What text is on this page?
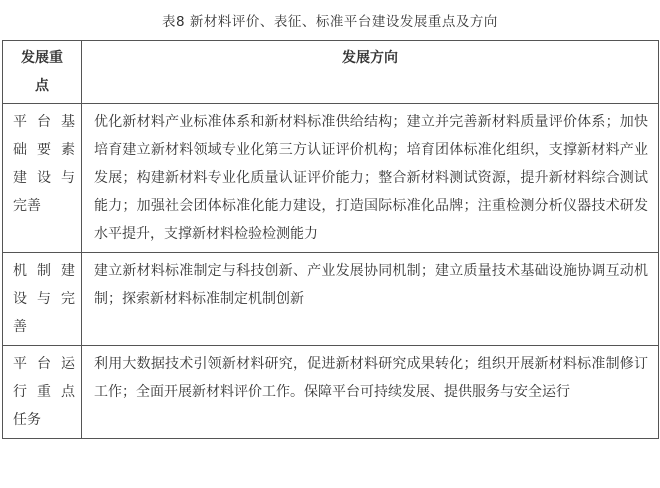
表8 新材料评价、表征、标准平台建设发展重点及方向
发展重
点	发展方向

平台基
础要素
建设与
完善	优化新材料产业标准体系和新材料标准供给结构；建立并完善新材料质量评价体系；加快培育建立新材料领域专业化第三方认证评价机构；培育团体标准化组织，支撑新材料产业发展；构建新材料专业化质量认证评价能力；整合新材料测试资源，提升新材料综合测试能力；加强社会团体标准化能力建设，打造国际标准化品牌；注重检测分析仪器技术研发水平提升，支撑新材料检验检测能力

机制建
设与完
善	建立新材料标准制定与科技创新、产业发展协同机制；建立质量技术基础设施协调互动机制；探索新材料标准制定机制创新

平台运
行重点
任务	利用大数据技术引领新材料研究，促进新材料研究成果转化；组织开展新材料标准制修订工作；全面开展新材料评价工作。保障平台可持续发展、提供服务与安全运行
